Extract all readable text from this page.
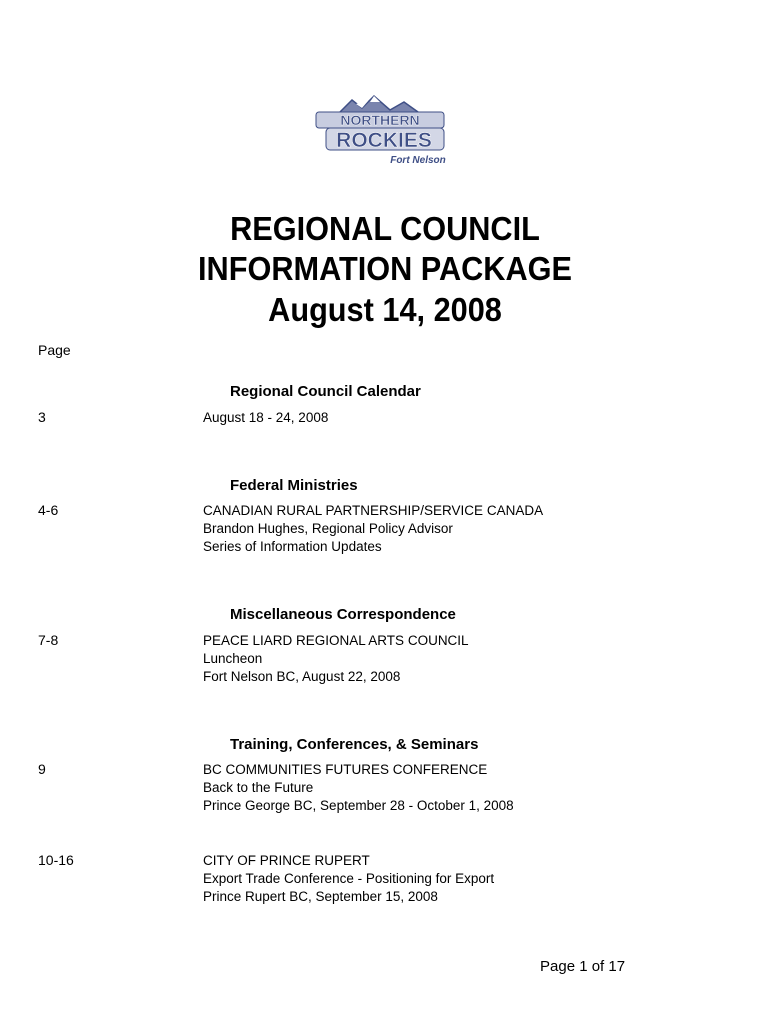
NORTHERN
ROCKIES
Fort Nelson
REGIONAL COUNCIL
INFORMATION PACKAGE
August 14, 2008
Page
Regional Council Calendar
3	August 18 - 24, 2008
Federal Ministries
4-6	CANADIAN RURAL PARTNERSHIP/SERVICE CANADA
Brandon Hughes, Regional Policy Advisor
Series of Information Updates
Miscellaneous Correspondence
7-8	PEACE LIARD REGIONAL ARTS COUNCIL
Luncheon
Fort Nelson BC, August 22, 2008
Training, Conferences, & Seminars
9	BC COMMUNITIES FUTURES CONFERENCE
Back to the Future
Prince George BC, September 28 - October 1, 2008
10-16	CITY OF PRINCE RUPERT
Export Trade Conference - Positioning for Export
Prince Rupert BC, September 15, 2008
Page 1 of 17
